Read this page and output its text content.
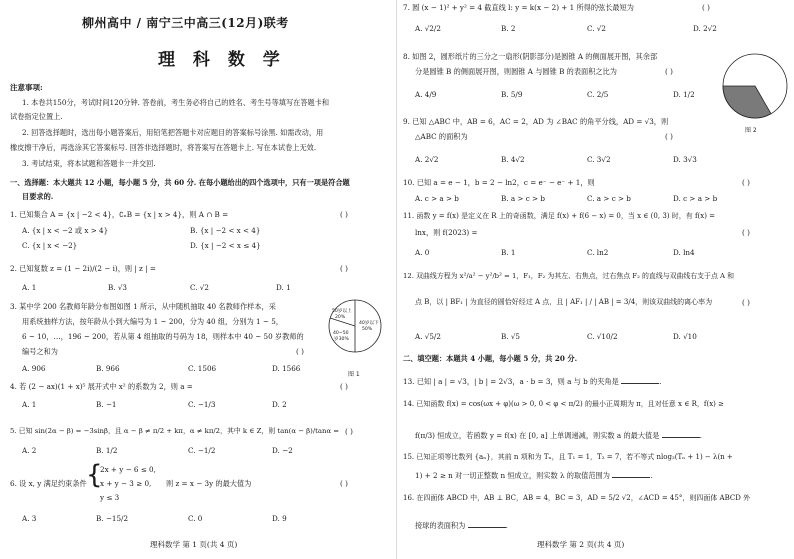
柳州高中 / 南宁三中高三(12月)联考
理 科 数 学
注意事项:
1. 本卷共150分，考试时间120分钟. 答卷前，考生务必将自己的姓名、考生号等填写在答题卡和
试卷指定位置上.
2. 回答选择题时，选出每小题答案后，用铅笔把答题卡对应题目的答案标号涂黑. 如需改动，用
橡皮擦干净后，再选涂其它答案标号. 回答非选择题时，将答案写在答题卡上. 写在本试卷上无效.
3. 考试结束，将本试题和答题卡一并交回.
一、选择题：本大题共 12 小题，每小题 5 分，共 60 分. 在每小题给出的四个选项中，只有一项是符合题
目要求的.
1. 已知集合 A = {x | −2 < 4}，∁ₙB = {x | x > 4}，则 A ∩ B =	( )
A. {x | x < −2 或 x > 4}	B. {x | −2 < x < 4}
C. {x | x < −2}	D. {x | −2 < x ≤ 4}
2. 已知复数 z = (1 − 2i)/(2 − i)，则 | z | =	( )
A. 1	B. √3	C. √2	D. 1
3. 某中学 200 名教师年龄分布图如图 1 所示，从中随机抽取 40 名教师作样本，采
用系统抽样方法，按年龄从小到大编号为 1 ~ 200，分为 40 组，分别为 1 ~ 5，
6 ~ 10，…，196 ~ 200，若从第 4 组抽取的号码为 18，则样本中 40 ~ 50 岁教师的
编号之和为	( )
A. 906	B. 966	C. 1506	D. 1566
50岁以上
20%
40岁以下
50%
40~50
岁30%
图 1
4. 若 (2 − ax)(1 + x)⁵ 展开式中 x² 的系数为 2，则 a =	( )
A. 1	B. −1	C. −1/3	D. 2
5. 已知 sin(2α − β) = −3sinβ，且 α − β ≠ π/2 + kπ，α ≠ kπ/2，其中 k ∈ Z，则 tan(α − β)/tanα = ( )
A. 2	B. 1/2	C. −1/2	D. −2
6. 设 x, y 满足约束条件 {
2x + y − 6 ≤ 0,
x + y − 3 ≥ 0,
y ≤ 3
则 z = x − 3y 的最大值为	( )
A. 3	B. −15/2	C. 0	D. 9
理科数学 第 1 页(共 4 页)
7. 圆 (x − 1)² + y² = 4 截直线 l: y = k(x − 2) + 1 所得的弦长最短为	( )
A. √2/2	B. 2	C. √2	D. 2√2
8. 如图 2，圆形纸片的三分之一扇形(阴影部分)是圆锥 A 的侧面展开图，其余部
分是圆锥 B 的侧面展开图，则圆锥 A 与圆锥 B 的表面积之比为	( )
A. 4/9	B. 5/9	C. 2/5	D. 1/2
图 2
9. 已知 △ABC 中，AB = 6，AC = 2，AD 为 ∠BAC 的角平分线，AD = √3，则
△ABC 的面积为	( )
A. 2√2	B. 4√2	C. 3√2	D. 3√3
10. 已知 a = e − 1，b = 2 − ln2，c = e⁻ − e⁻ + 1，则	( )
A. c > a > b	B. a > c > b	C. a > c > b	D. c > a > b
11. 函数 y = f(x) 是定义在 R 上的奇函数，满足 f(x) + f(6 − x) = 0，当 x ∈ (0, 3) 时，有 f(x) =
lnx，则 f(2023) =	( )
A. 0	B. 1	C. ln2	D. ln4
12. 双曲线方程为 x²/a² − y²/b² = 1，F₁，F₂ 为其左、右焦点，过右焦点 F₂ 的直线与双曲线右支于点 A 和
点 B，以 | BF₁ | 为直径的圆恰好经过 A 点，且 | AF₁ | / | AB | = 3/4，则该双曲线的离心率为	( )
A. √5/2	B. √5	C. √10/2	D. √10
二、填空题：本题共 4 小题，每小题 5 分，共 20 分.
13. 已知 | a | = √3，| b | = 2√3，a · b = 3，则 a 与 b 的夹角是	.
14. 已知函数 f(x) = cos(ωx + φ)(ω > 0, 0 < φ < π/2) 的最小正周期为 π，且对任意 x ∈ R，f(x) ≥
f(π/3) 恒成立，若函数 y = f(x) 在 [0, a] 上单调递减，则实数 a 的最大值是	.
15. 已知正项等比数列 {aₙ}，其前 n 项和为 Tₙ，且 T₁ = 1，T₂ = 7，若不等式 nlog₂(Tₙ + 1) − λ(n +
1) + 2 ≥ n 对一切正整数 n 恒成立，则实数 λ 的取值范围为	.
16. 在四面体 ABCD 中，AB ⊥ BC，AB = 4，BC = 3，AD = 5/2 √2，∠ACD = 45°，则四面体 ABCD 外
接球的表面积为	.
理科数学 第 2 页(共 4 页)
